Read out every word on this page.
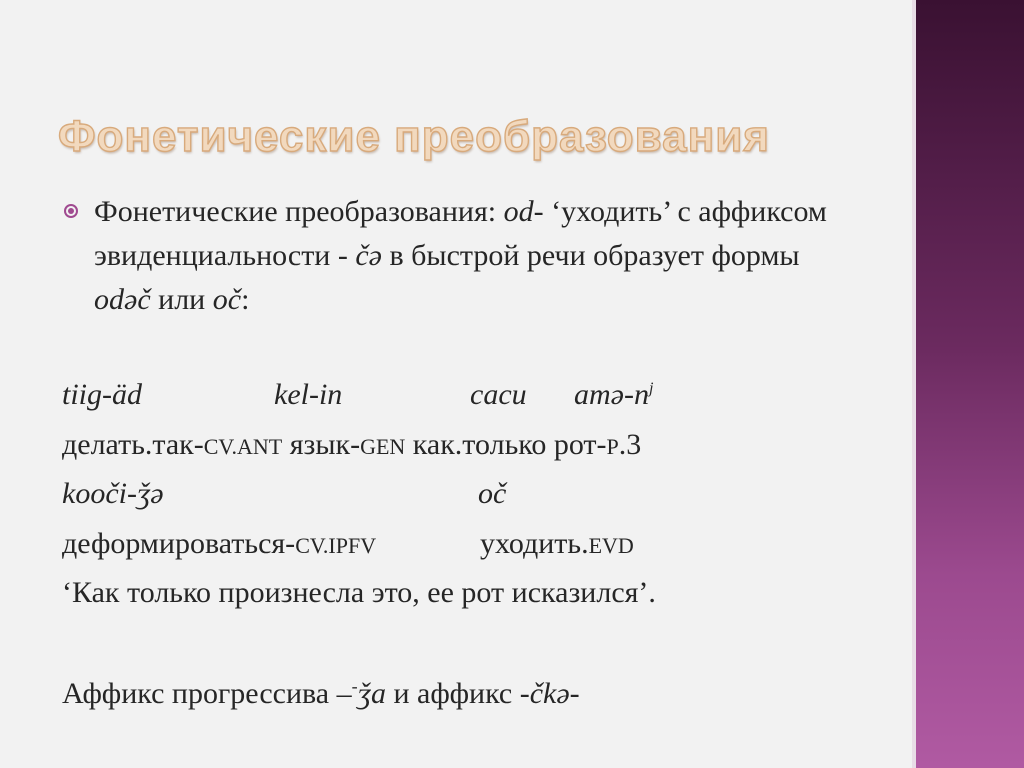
Фонетические преобразования
Фонетические преобразования: od- ‘уходить’ с аффиксом эвиденциальности - čə в быстрой речи образует формы odəč или oč:
tiig-äd	kel-in	caсu amə-$n^j$
делать.так-CV.ANT язык-GEN как.только рот-P.3
kooči-ǯə	oč
деформироваться-CV.IPFV	уходить.EVD
‘Как только произнесла это, ее рот исказился’.
Аффикс прогрессива –-ǯa и аффикс -čkə-
